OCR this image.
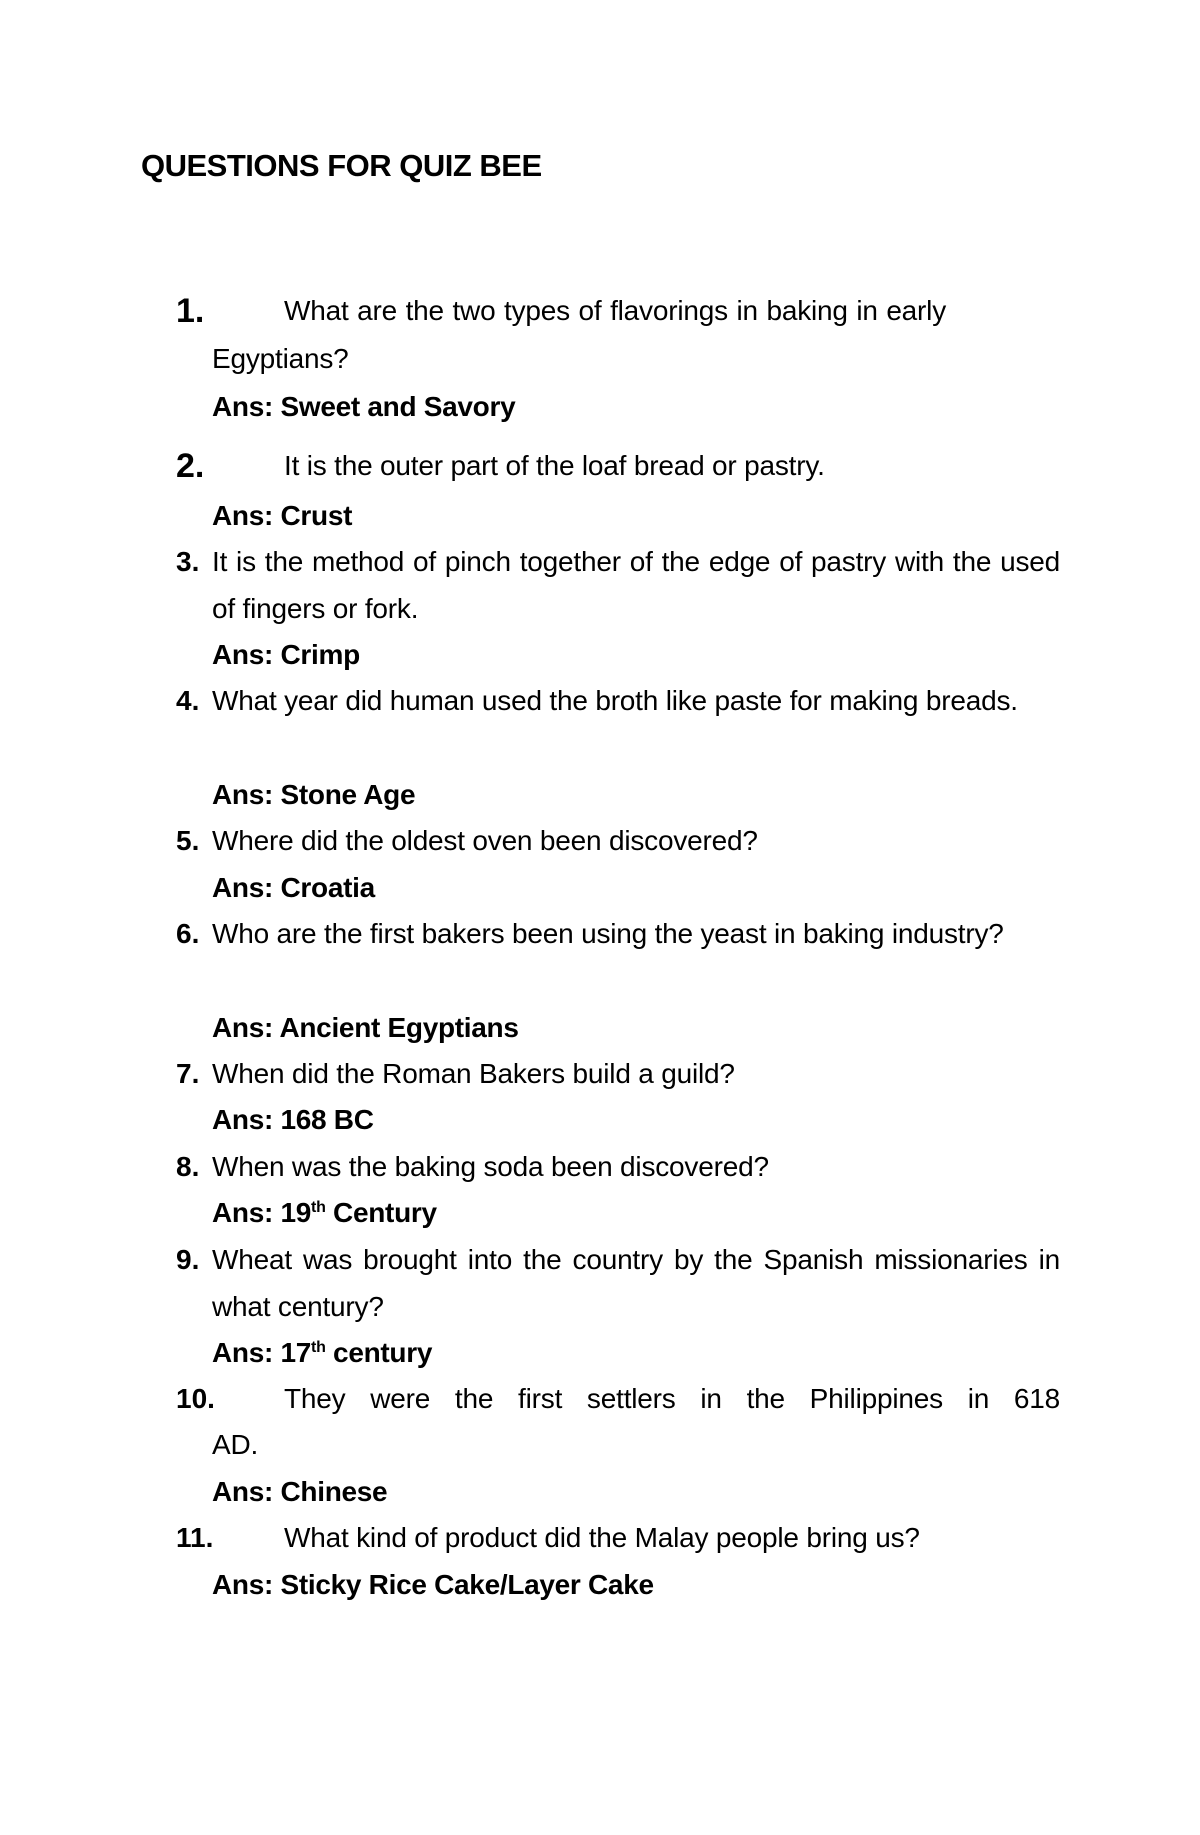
QUESTIONS FOR QUIZ BEE
1.	What are the two types of flavorings in baking in early
Egyptians?
Ans: Sweet and Savory
2.	It is the outer part of the loaf bread or pastry.
Ans: Crust
3. It is the method of pinch together of the edge of pastry with the used of fingers or fork.
Ans: Crimp
4. What year did human used the broth like paste for making breads.
Ans: Stone Age
5. Where did the oldest oven been discovered?
Ans: Croatia
6. Who are the first bakers been using the yeast in baking industry?
Ans: Ancient Egyptians
7. When did the Roman Bakers build a guild?
Ans: 168 BC
8. When was the baking soda been discovered?
Ans: 19th Century
9. Wheat was brought into the country by the Spanish missionaries in what century?
Ans: 17th century
10. They were the first settlers in the Philippines in 618
AD.
Ans: Chinese
11.	What kind of product did the Malay people bring us?
Ans: Sticky Rice Cake/Layer Cake
